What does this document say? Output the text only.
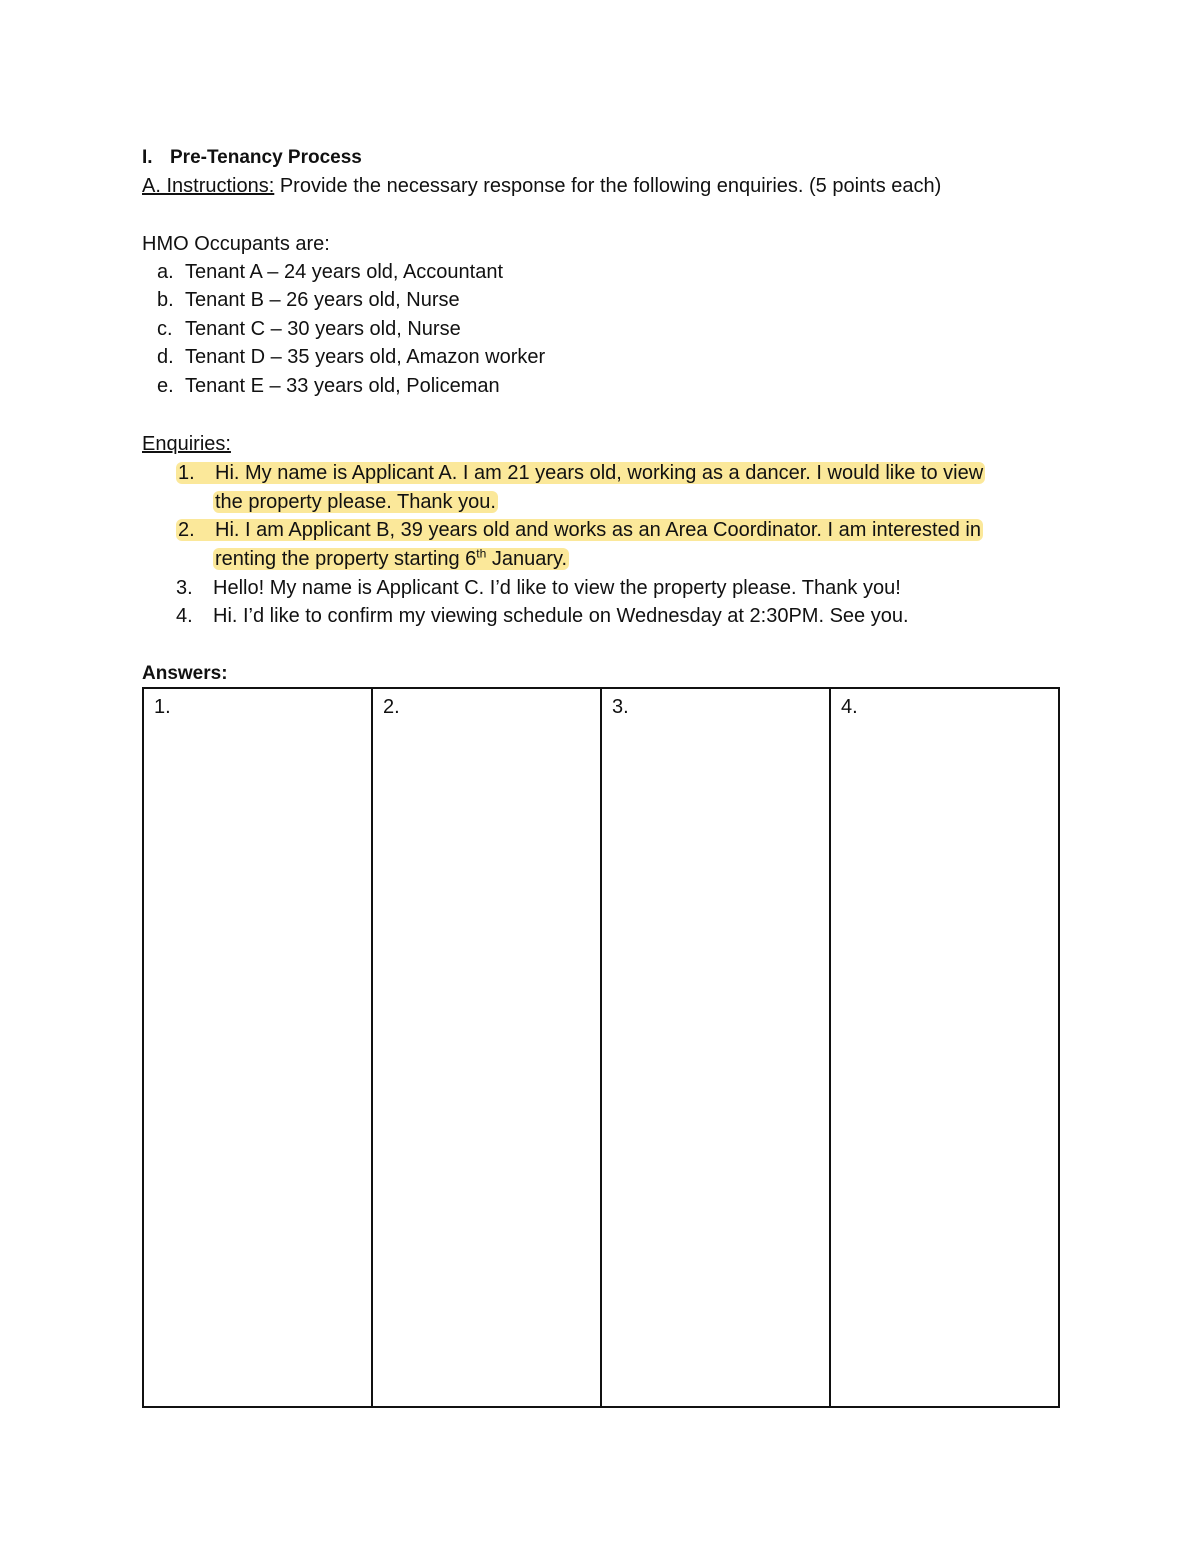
I. Pre-Tenancy Process
A. Instructions: Provide the necessary response for the following enquiries. (5 points each)
HMO Occupants are:
a. Tenant A – 24 years old, Accountant
b. Tenant B – 26 years old, Nurse
c. Tenant C – 30 years old, Nurse
d. Tenant D – 35 years old, Amazon worker
e. Tenant E – 33 years old, Policeman
Enquiries:
1. Hi. My name is Applicant A. I am 21 years old, working as a dancer. I would like to view
the property please. Thank you.
2. Hi. I am Applicant B, 39 years old and works as an Area Coordinator. I am interested in
renting the property starting 6th January.
3. Hello! My name is Applicant C. I’d like to view the property please. Thank you!
4. Hi. I’d like to confirm my viewing schedule on Wednesday at 2:30PM. See you.
Answers:
1.	2.	3.	4.
